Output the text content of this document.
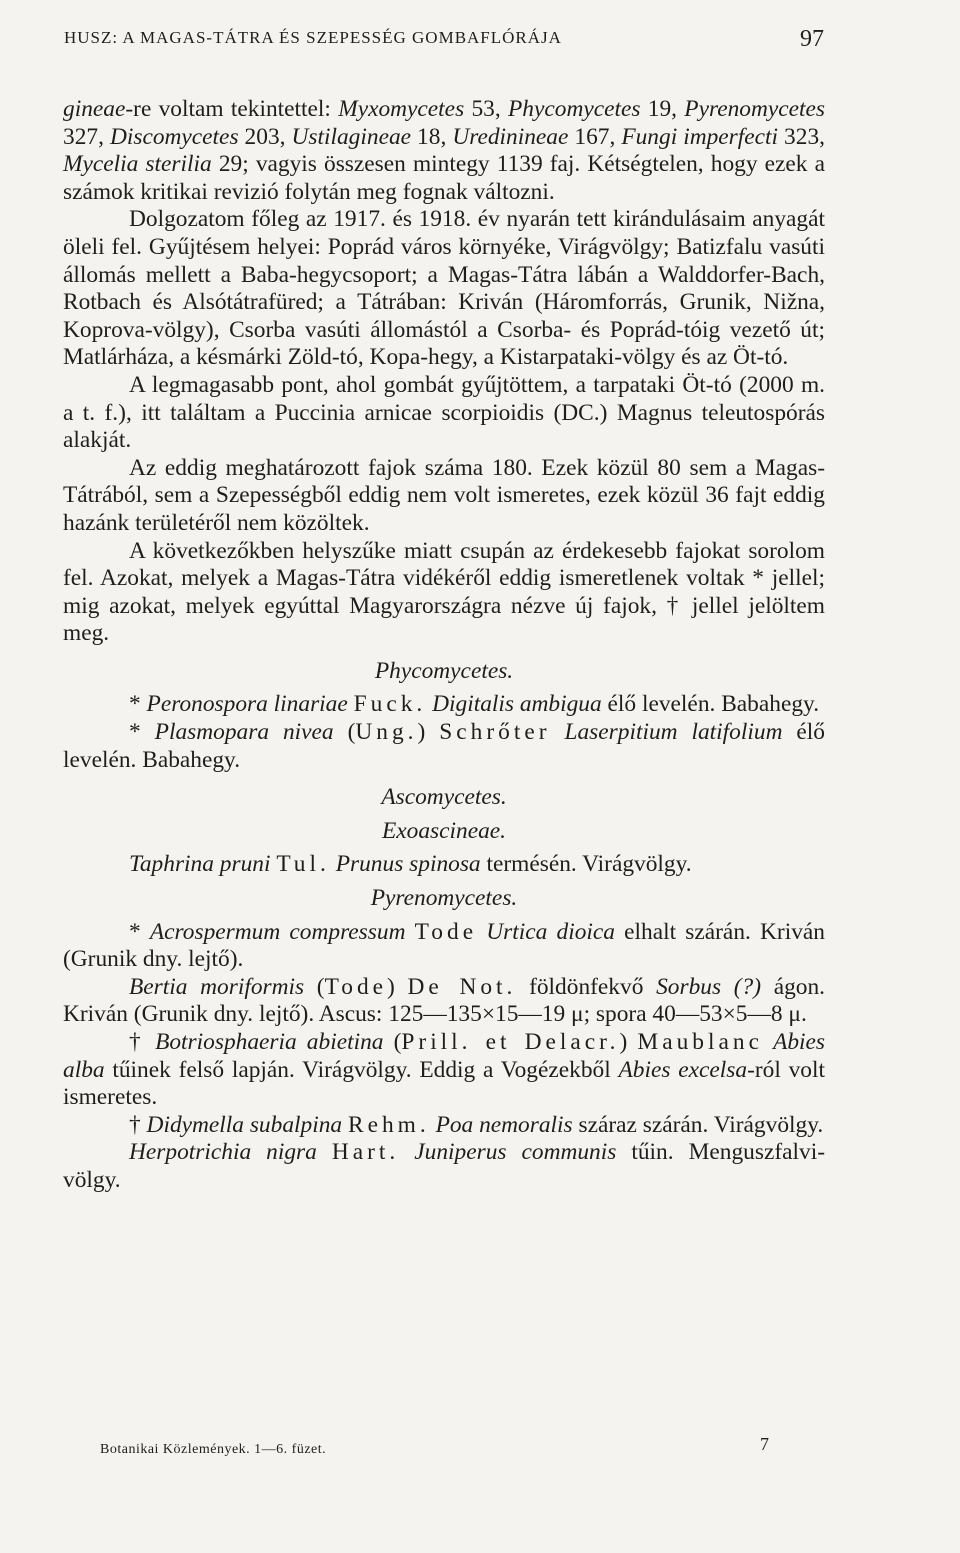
HUSZ: A MAGAS-TÁTRA ÉS SZEPESSÉG GOMBAFLÓRÁJA	97

gineae-re voltam tekintettel: Myxomycetes 53, Phycomycetes 19, Pyrenomycetes 327, Discomycetes 203, Ustilagineae 18, Uredinineae 167, Fungi imperfecti 323, Mycelia sterilia 29; vagyis összesen mintegy 1139 faj. Kétségtelen, hogy ezek a számok kritikai revizió folytán meg fognak változni.

Dolgozatom főleg az 1917. és 1918. év nyarán tett kirándulásaim anyagát öleli fel. Gyűjtésem helyei: Poprád város környéke, Virágvölgy; Batizfalu vasúti állomás mellett a Baba-hegycsoport; a Magas-Tátra lábán a Walddorfer-Bach, Rotbach és Alsótátrafüred; a Tátrában: Kriván (Háromforrás, Grunik, Nižna, Koprova-völgy), Csorba vasúti állomástól a Csorba- és Poprád-tóig vezető út; Matlárháza, a késmárki Zöld-tó, Kopa-hegy, a Kistarpataki-völgy és az Öt-tó.

A legmagasabb pont, ahol gombát gyűjtöttem, a tarpataki Öt-tó (2000 m. a t. f.), itt találtam a Puccinia arnicae scorpioidis (DC.) Magnus teleutospórás alakját.

Az eddig meghatározott fajok száma 180. Ezek közül 80 sem a Magas-Tátrából, sem a Szepességből eddig nem volt ismeretes, ezek közül 36 fajt eddig hazánk területéről nem közöltek.

A következőkben helyszűke miatt csupán az érdekesebb fajokat sorolom fel. Azokat, melyek a Magas-Tátra vidékéről eddig ismeretlenek voltak * jellel; mig azokat, melyek egyúttal Magyarországra nézve új fajok, † jellel jelöltem meg.

Phycomycetes.

* Peronospora linariae Fuck. Digitalis ambigua élő levelén. Babahegy.

* Plasmopara nivea (Ung.) Schrőter Laserpitium latifolium élő levelén. Babahegy.

Ascomycetes.

Exoascineae.

Taphrina pruni Tul. Prunus spinosa termésén. Virágvölgy.

Pyrenomycetes.

* Acrospermum compressum Tode Urtica dioica elhalt szárán. Kriván (Grunik dny. lejtő).

Bertia moriformis (Tode) De Not. földönfekvő Sorbus (?) ágon. Kriván (Grunik dny. lejtő). Ascus: 125—135×15—19 μ; spora 40—53×5—8 μ.

† Botriosphaeria abietina (Prill. et Delacr.) Maublanc Abies alba tűinek felső lapján. Virágvölgy. Eddig a Vogézekből Abies excelsa-ról volt ismeretes.

† Didymella subalpina Rehm. Poa nemoralis száraz szárán. Virágvölgy.

Herpotrichia nigra Hart. Juniperus communis tűin. Menguszfalvi-völgy.

Botanikai Közlemények. 1—6. füzet.	7
